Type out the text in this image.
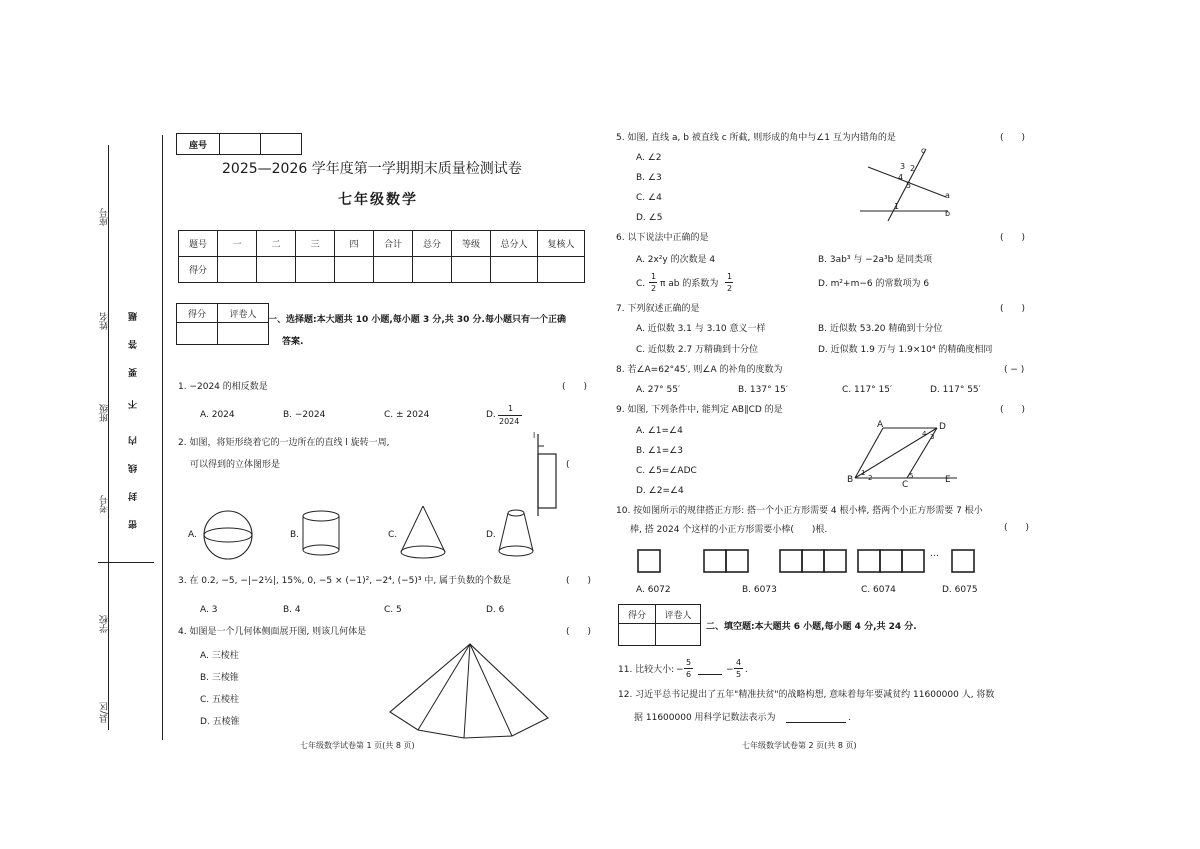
座号
姓名
班级
考号
学校
县/区
密
封
线
内
不
要
答
题
座号		
2025—2026 学年度第一学期期末质量检测试卷
七年级数学
题号	一	二	三	四	合计	总分	等级	总分人	复核人
得分									
得分	评卷人

一、选择题:本大题共 10 小题,每小题 3 分,共 30 分.每小题只有一个正确
答案.
1. −2024 的相反数是	(　　)
A. 2024	B. −2024	C. ± 2024	D.
1
2024
2. 如图，将矩形绕着它的一边所在的直线 l 旋转一周,
可以得到的立体图形是	(
l
A.	B.	C.	D.
3. 在 0.2, −5, −|−2½|, 15%, 0, −5 × (−1)², −2⁴, (−5)³ 中, 属于负数的个数是	(　　)
A. 3	B. 4	C. 5	D. 6
4. 如图是一个几何体侧面展开图, 则该几何体是	(　　)
A. 三棱柱
B. 三棱锥
C. 五棱柱
D. 五棱锥
七年级数学试卷第 1 页(共 8 页)
5. 如图, 直线 a, b 被直线 c 所截, 则形成的角中与∠1 互为内错角的是	(　　)
A. ∠2
B. ∠3
C. ∠4
D. ∠5
c
3 2
4
5
a
1
b
6. 以下说法中正确的是	(　　)
A. 2x²y 的次数是 4	B. 3ab³ 与 −2a³b 是同类项
C.
1
2 π ab 的系数为
1
2	D. m²+m−6 的常数项为 6
7. 下列叙述正确的是	(　　)
A. 近似数 3.1 与 3.10 意义一样	B. 近似数 53.20 精确到十分位
C. 近似数 2.7 万精确到十分位	D. 近似数 1.9 万与 1.9×10⁴ 的精确度相同
8. 若∠A=62°45′, 则∠A 的补角的度数为	( − )
A. 27° 55′	B. 137° 15′	C. 117° 15′	D. 117° 55′
9. 如图, 下列条件中, 能判定 AB∥CD 的是	(　　)
A. ∠1=∠4
B. ∠1=∠3
C. ∠5=∠ADC
D. ∠2=∠4
A	D
B	C	E
1
2
3
4
5
10. 按如图所示的规律搭正方形: 搭一个小正方形需要 4 根小棒, 搭两个小正方形需要 7 根小
棒, 搭 2024 个这样的小正方形需要小棒(　　)根.	(　　)
…
A. 6072	B. 6073	C. 6074	D. 6075
得分	评卷人

二、填空题:本大题共 6 小题,每小题 4 分,共 24 分.
11. 比较大小: −
5
6	−
4
5 .
12. 习近平总书记提出了五年"精准扶贫"的战略构想, 意味着每年要减贫约 11600000 人, 将数
据 11600000 用科学记数法表示为	.
七年级数学试卷第 2 页(共 8 页)
